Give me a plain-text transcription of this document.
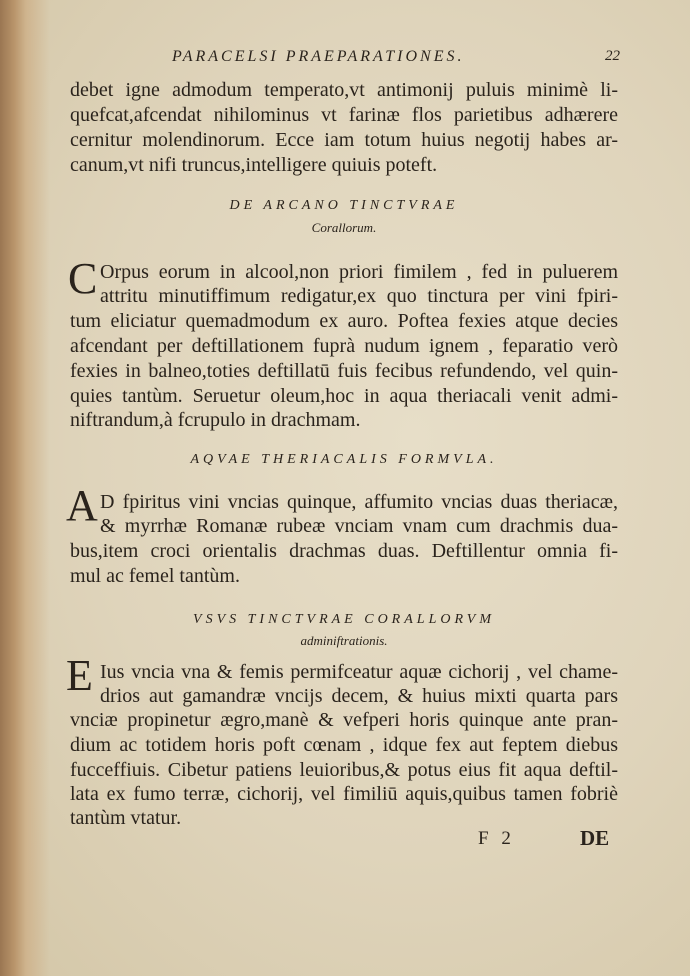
PARACELSI PRAEPARATIONES.	22
debet igne admodum temperato,vt antimonij puluis minimè li-
quefcat,afcendat nihilominus vt farinæ flos parietibus adhærere
cernitur molendinorum. Ecce iam totum huius negotij habes ar-
canum,vt nifi truncus,intelligere quiuis poteft.
DE ARCANO TINCTVRAE
Corallorum.
C Orpus eorum in alcool,non priori fimilem , fed in puluerem
attritu minutiffimum redigatur,ex quo tinctura per vini fpiri-
tum eliciatur quemadmodum ex auro. Poftea fexies atque decies
afcendant per deftillationem fuprà nudum ignem , feparatio verò
fexies in balneo,toties deftillatū fuis fecibus refundendo, vel quin-
quies tantùm. Seruetur oleum,hoc in aqua theriacali venit admi-
niftrandum,à fcrupulo in drachmam.
AQVAE THERIACALIS FORMVLA.
A D fpiritus vini vncias quinque, affumito vncias duas theriacæ,
& myrrhæ Romanæ rubeæ vnciam vnam cum drachmis dua-
bus,item croci orientalis drachmas duas. Deftillentur omnia fi-
mul ac femel tantùm.
VSVS TINCTVRAE CORALLORVM
adminiftrationis.
E Ius vncia vna & femis permifceatur aquæ cichorij , vel chame-
drios aut gamandræ vncijs decem, & huius mixti quarta pars
vnciæ propinetur ægro,manè & vefperi horis quinque ante pran-
dium ac totidem horis poft cœnam , idque fex aut feptem diebus
fucceffiuis. Cibetur patiens leuioribus,& potus eius fit aqua deftil-
lata ex fumo terræ, cichorij, vel fimiliū aquis,quibus tamen fobriè
tantùm vtatur.
F 2	DE
